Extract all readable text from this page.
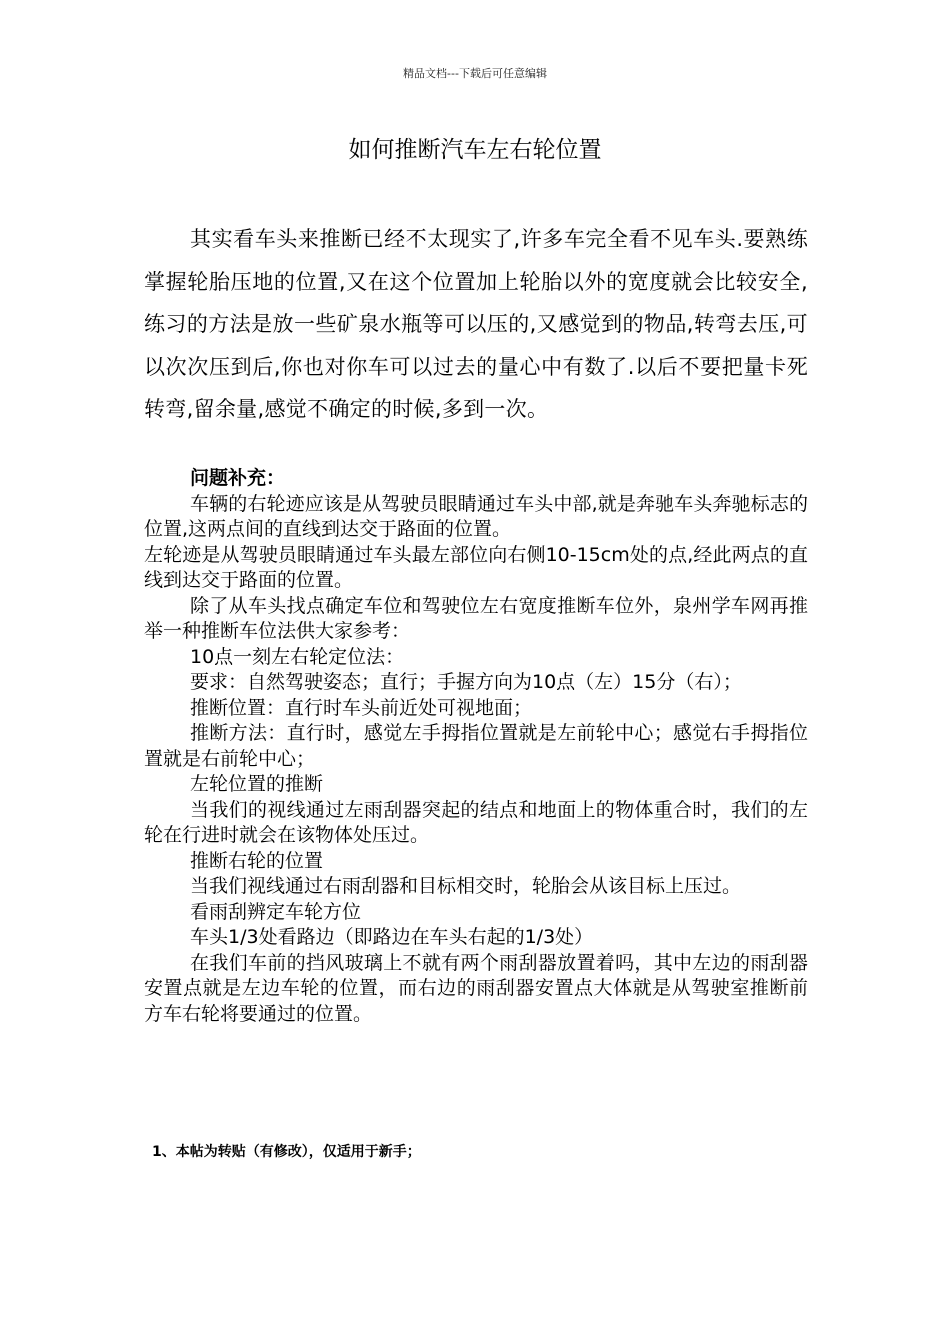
精品文档---下载后可任意编辑
如何推断汽车左右轮位置

其实看车头来推断已经不太现实了,许多车完全看不见车头.要熟练掌握轮胎压地的位置,又在这个位置加上轮胎以外的宽度就会比较安全,练习的方法是放一些矿泉水瓶等可以压的,又感觉到的物品,转弯去压,可以次次压到后,你也对你车可以过去的量心中有数了.以后不要把量卡死转弯,留余量,感觉不确定的时候,多到一次。

问题补充：

车辆的右轮迹应该是从驾驶员眼睛通过车头中部,就是奔驰车头奔驰标志的位置,这两点间的直线到达交于路面的位置。

左轮迹是从驾驶员眼睛通过车头最左部位向右侧10-15cm处的点,经此两点的直线到达交于路面的位置。

除了从车头找点确定车位和驾驶位左右宽度推断车位外，泉州学车网再推举一种推断车位法供大家参考：

10点一刻左右轮定位法：

要求：自然驾驶姿态；直行；手握方向为10点（左）15分（右）；

推断位置：直行时车头前近处可视地面；

推断方法：直行时，感觉左手拇指位置就是左前轮中心；感觉右手拇指位置就是右前轮中心；

左轮位置的推断

当我们的视线通过左雨刮器突起的结点和地面上的物体重合时，我们的左轮在行进时就会在该物体处压过。

推断右轮的位置

当我们视线通过右雨刮器和目标相交时，轮胎会从该目标上压过。

看雨刮辨定车轮方位

车头1/3处看路边（即路边在车头右起的1/3处）

在我们车前的挡风玻璃上不就有两个雨刮器放置着吗，其中左边的雨刮器安置点就是左边车轮的位置，而右边的雨刮器安置点大体就是从驾驶室推断前方车右轮将要通过的位置。

1、本帖为转贴（有修改），仅适用于新手；
